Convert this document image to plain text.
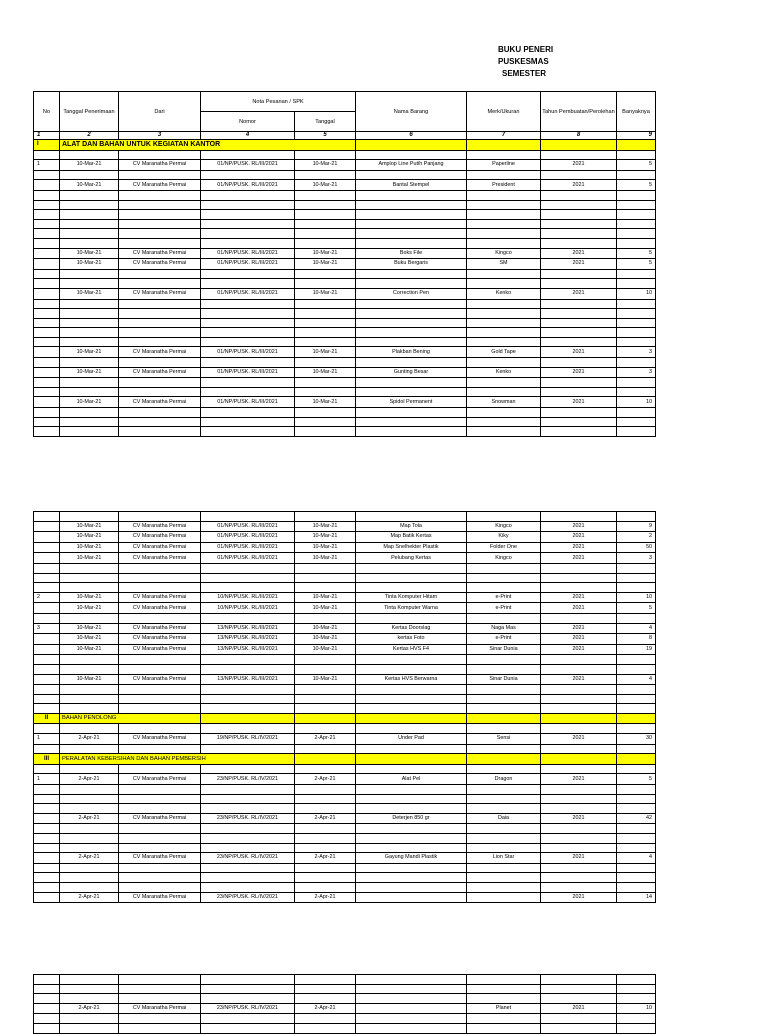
BUKU PENERI
PUSKESMAS
SEMESTER
No	Tanggal Penerimaan	Dari	Nota Pesanan / SPK		Nama Barang	Merk/Ukuran	Tahun Pembuatan/Perolehan	Banyaknya
			Nomor	Tanggal				
1	2	3	4	5	6	7	8	9
I	ALAT DAN BAHAN UNTUK KEGIATAN KANTOR							

1	10-Mar-21	CV Maranatha Permai	01/NP/PUSK. RL/III/2021	10-Mar-21	Amplop Line Putih Panjang	Paperline	2021	5

	10-Mar-21	CV Maranatha Permai	01/NP/PUSK. RL/III/2021	10-Mar-21	Bantal Stempel	President	2021	5

	10-Mar-21	CV Maranatha Permai	01/NP/PUSK. RL/III/2021	10-Mar-21	Boks File	Kingco	2021	5
	10-Mar-21	CV Maranatha Permai	01/NP/PUSK. RL/III/2021	10-Mar-21	Buku Bergaris	SM	2021	5

	10-Mar-21	CV Maranatha Permai	01/NP/PUSK. RL/III/2021	10-Mar-21	Correction Pen	Kenko	2021	10

	10-Mar-21	CV Maranatha Permai	01/NP/PUSK. RL/III/2021	10-Mar-21	Plakban Bening	Gold Tape	2021	3

	10-Mar-21	CV Maranatha Permai	01/NP/PUSK. RL/III/2021	10-Mar-21	Gunting Besar	Kenko	2021	3

	10-Mar-21	CV Maranatha Permai	01/NP/PUSK. RL/III/2021	10-Mar-21	Spidol Permanent	Snowman	2021	10

	10-Mar-21	CV Maranatha Permai	01/NP/PUSK. RL/III/2021	10-Mar-21	Map Tola	Kingco	2021	9
	10-Mar-21	CV Maranatha Permai	01/NP/PUSK. RL/III/2021	10-Mar-21	Map Batik Kertas	Kiky	2021	2
	10-Mar-21	CV Maranatha Permai	01/NP/PUSK. RL/III/2021	10-Mar-21	Map Snelhekter Plastik	Folder One	2021	50
	10-Mar-21	CV Maranatha Permai	01/NP/PUSK. RL/III/2021	10-Mar-21	Pelubang Kertas	Kingco	2021	3

2	10-Mar-21	CV Maranatha Permai	10/NP/PUSK. RL/III/2021	10-Mar-21	Tinta Komputer Hitam	e-Print	2021	10
	10-Mar-21	CV Maranatha Permai	10/NP/PUSK. RL/III/2021	10-Mar-21	Tinta Komputer Warna	e-Print	2021	5

3	10-Mar-21	CV Maranatha Permai	13/NP/PUSK. RL/III/2021	10-Mar-21	Kertas Doorslag	Naga Mas	2021	4
	10-Mar-21	CV Maranatha Permai	13/NP/PUSK. RL/III/2021	10-Mar-21	kertas Foto	e-Print	2021	8
	10-Mar-21	CV Maranatha Permai	13/NP/PUSK. RL/III/2021	10-Mar-21	Kertas HVS F4	Sinar Dunia	2021	19

	10-Mar-21	CV Maranatha Permai	13/NP/PUSK. RL/III/2021	10-Mar-21	Kertas HVS Berwarna	Sinar Dunia	2021	4

II	BAHAN PENOLONG							

1	2-Apr-21	CV Maranatha Permai	19/NP/PUSK. RL/IV/2021	2-Apr-21	Under Pad	Sensi	2021	30

III	PERALATAN KEBERSIHAN DAN BAHAN PEMBERSIH							

1	2-Apr-21	CV Maranatha Permai	23/NP/PUSK. RL/IV/2021	2-Apr-21	Alat Pel	Dragon	2021	5

	2-Apr-21	CV Maranatha Permai	23/NP/PUSK. RL/IV/2021	2-Apr-21	Deterjen 850 gr	Daia	2021	42

	2-Apr-21	CV Maranatha Permai	23/NP/PUSK. RL/IV/2021	2-Apr-21	Gayung Mandi Plastik	Lion Star	2021	4

	2-Apr-21	CV Maranatha Permai	23/NP/PUSK. RL/IV/2021	2-Apr-21			2021	14

	2-Apr-21	CV Maranatha Permai	23/NP/PUSK. RL/IV/2021	2-Apr-21		Planet	2021	10
